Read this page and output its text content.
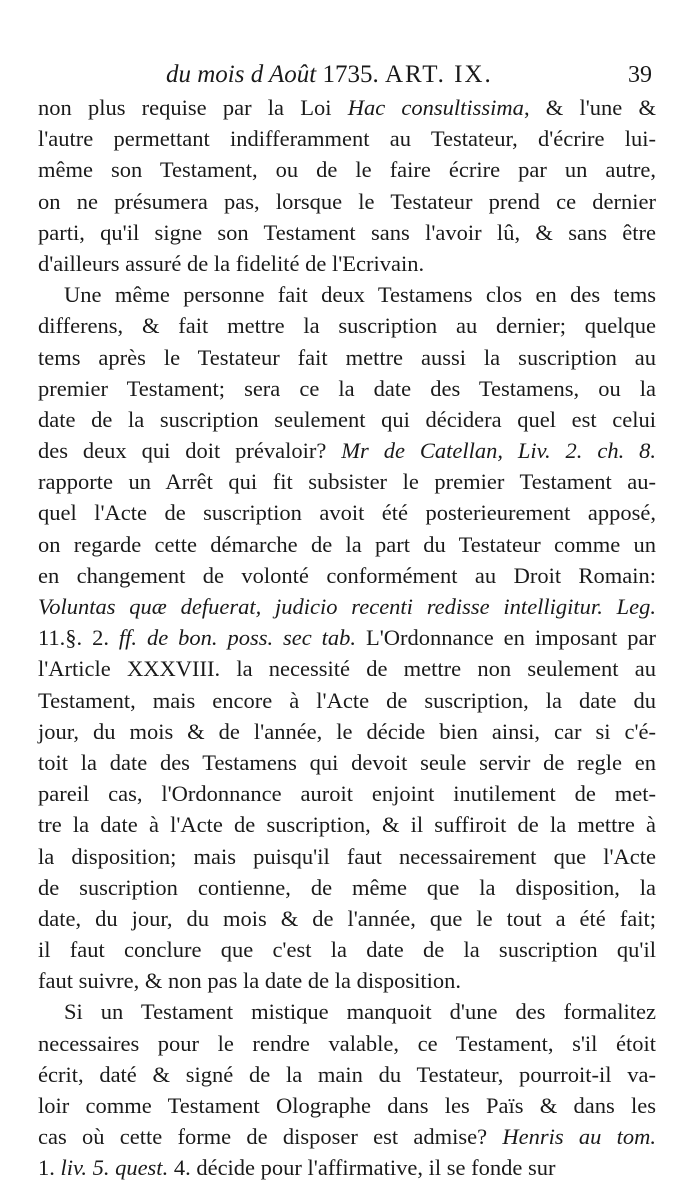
du mois d Août 1735. ART. IX.	39
non plus requise par la Loi Hac consultissima, & l'une &
l'autre permettant indifferamment au Testateur, d'écrire lui-
même son Testament, ou de le faire écrire par un autre,
on ne présumera pas, lorsque le Testateur prend ce dernier
parti, qu'il signe son Testament sans l'avoir lû, & sans être
d'ailleurs assuré de la fidelité de l'Ecrivain.
Une même personne fait deux Testamens clos en des tems
differens, & fait mettre la suscription au dernier; quelque
tems après le Testateur fait mettre aussi la suscription au
premier Testament; sera ce la date des Testamens, ou la
date de la suscription seulement qui décidera quel est celui
des deux qui doit prévaloir? Mr de Catellan, Liv. 2. ch. 8.
rapporte un Arrêt qui fit subsister le premier Testament au-
quel l'Acte de suscription avoit été posterieurement apposé,
on regarde cette démarche de la part du Testateur comme un
en changement de volonté conformément au Droit Romain:
Voluntas quæ defuerat, judicio recenti redisse intelligitur. Leg.
11.§. 2. ff. de bon. poss. sec tab. L'Ordonnance en imposant par
l'Article XXXVIII. la necessité de mettre non seulement au
Testament, mais encore à l'Acte de suscription, la date du
jour, du mois & de l'année, le décide bien ainsi, car si c'é-
toit la date des Testamens qui devoit seule servir de regle en
pareil cas, l'Ordonnance auroit enjoint inutilement de met-
tre la date à l'Acte de suscription, & il suffiroit de la mettre à
la disposition; mais puisqu'il faut necessairement que l'Acte
de suscription contienne, de même que la disposition, la
date, du jour, du mois & de l'année, que le tout a été fait;
il faut conclure que c'est la date de la suscription qu'il
faut suivre, & non pas la date de la disposition.
Si un Testament mistique manquoit d'une des formalitez
necessaires pour le rendre valable, ce Testament, s'il étoit
écrit, daté & signé de la main du Testateur, pourroit-il va-
loir comme Testament Olographe dans les Païs & dans les
cas où cette forme de disposer est admise? Henris au tom.
1. liv. 5. quest. 4. décide pour l'affirmative, il se fonde sur
